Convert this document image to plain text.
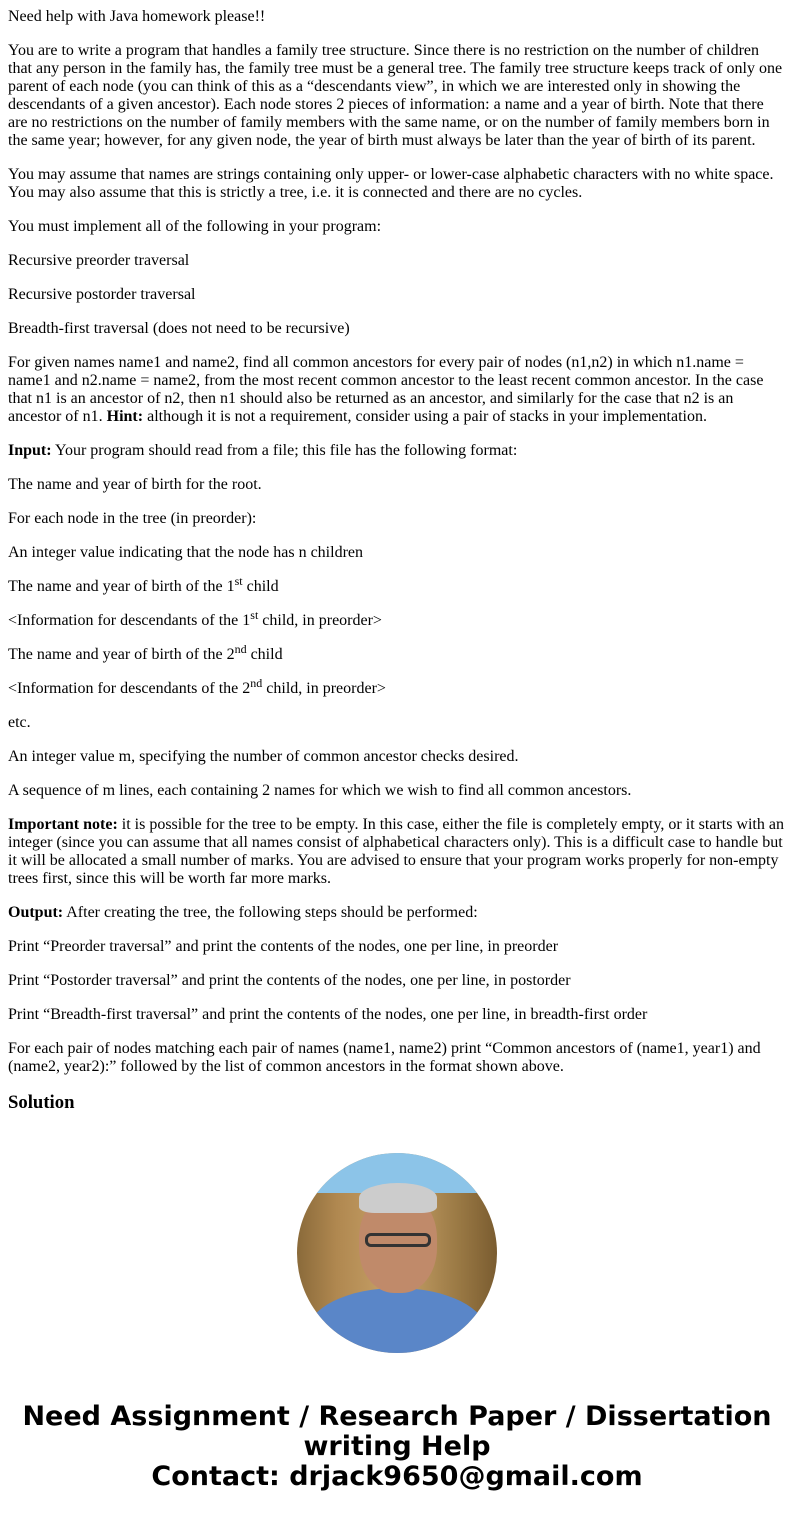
Need help with Java homework please!!

You are to write a program that handles a family tree structure. Since there is no restriction on the number of children that any person in the family has, the family tree must be a general tree. The family tree structure keeps track of only one parent of each node (you can think of this as a “descendants view”, in which we are interested only in showing the descendants of a given ancestor). Each node stores 2 pieces of information: a name and a year of birth. Note that there are no restrictions on the number of family members with the same name, or on the number of family members born in the same year; however, for any given node, the year of birth must always be later than the year of birth of its parent.

You may assume that names are strings containing only upper- or lower-case alphabetic characters with no white space. You may also assume that this is strictly a tree, i.e. it is connected and there are no cycles.

You must implement all of the following in your program:

Recursive preorder traversal

Recursive postorder traversal

Breadth-first traversal (does not need to be recursive)

For given names name1 and name2, find all common ancestors for every pair of nodes (n1,n2) in which n1.name = name1 and n2.name = name2, from the most recent common ancestor to the least recent common ancestor. In the case that n1 is an ancestor of n2, then n1 should also be returned as an ancestor, and similarly for the case that n2 is an ancestor of n1. Hint: although it is not a requirement, consider using a pair of stacks in your implementation.

Input: Your program should read from a file; this file has the following format:

The name and year of birth for the root.

For each node in the tree (in preorder):

An integer value indicating that the node has n children

The name and year of birth of the 1st child

<Information for descendants of the 1st child, in preorder>

The name and year of birth of the 2nd child

<Information for descendants of the 2nd child, in preorder>

etc.

An integer value m, specifying the number of common ancestor checks desired.

A sequence of m lines, each containing 2 names for which we wish to find all common ancestors.

Important note: it is possible for the tree to be empty. In this case, either the file is completely empty, or it starts with an integer (since you can assume that all names consist of alphabetical characters only). This is a difficult case to handle but it will be allocated a small number of marks. You are advised to ensure that your program works properly for non-empty trees first, since this will be worth far more marks.

Output: After creating the tree, the following steps should be performed:

Print “Preorder traversal” and print the contents of the nodes, one per line, in preorder

Print “Postorder traversal” and print the contents of the nodes, one per line, in postorder

Print “Breadth-first traversal” and print the contents of the nodes, one per line, in breadth-first order

For each pair of nodes matching each pair of names (name1, name2) print “Common ancestors of (name1, year1) and (name2, year2):” followed by the list of common ancestors in the format shown above.

Solution
Need Assignment / Research Paper / Dissertation writing Help
Contact: drjack9650@gmail.com
